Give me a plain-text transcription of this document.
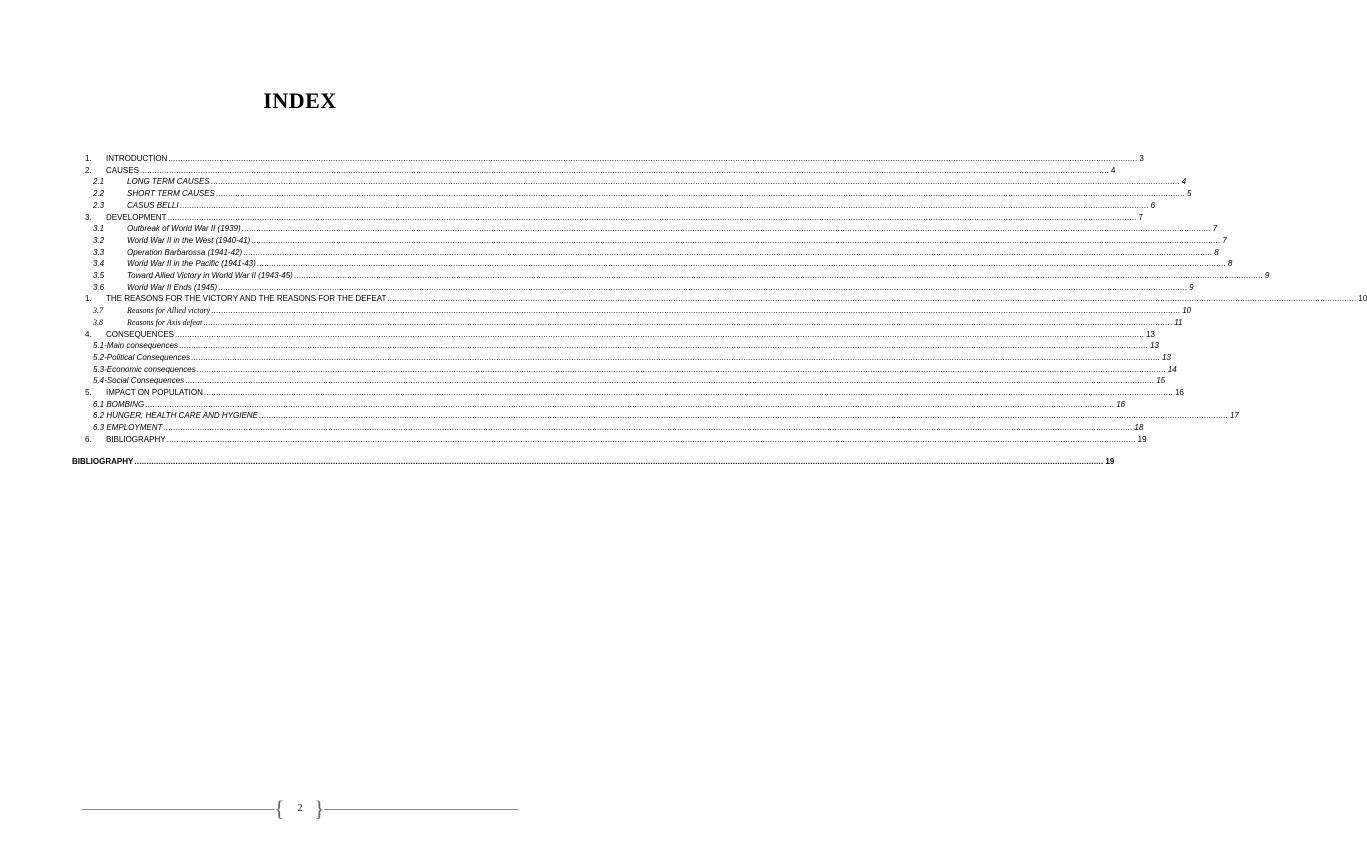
INDEX
1. INTRODUCTION ................................................................................................................................................................................................................................................................................................................................................................................................................ 3
2. CAUSES ................................................................................................................................................................................................................................................................................................................................................................................................................ 4
2.1	LONG TERM CAUSES ................................................................................................................................................................................................................................................................................................................................................................................................................ 4
2.2	SHORT TERM CAUSES ................................................................................................................................................................................................................................................................................................................................................................................................................ 5
2.3	CASUS BELLI ................................................................................................................................................................................................................................................................................................................................................................................................................ 6
3. DEVELOPMENT ................................................................................................................................................................................................................................................................................................................................................................................................................ 7
3.1	Outbreak of World War II (1939) ................................................................................................................................................................................................................................................................................................................................................................................................................ 7
3.2	World War II in the West (1940-41) ................................................................................................................................................................................................................................................................................................................................................................................................................ 7
3.3	Operation Barbarossa (1941-42) ................................................................................................................................................................................................................................................................................................................................................................................................................ 8
3.4	World War II in the Pacific (1941-43) ................................................................................................................................................................................................................................................................................................................................................................................................................ 8
3.5	Toward Allied Victory in World War II (1943-45) ................................................................................................................................................................................................................................................................................................................................................................................................................ 9
3.6	World War II Ends (1945) ................................................................................................................................................................................................................................................................................................................................................................................................................ 9
1. THE REASONS FOR THE VICTORY AND THE REASONS FOR THE DEFEAT ................................................................................................................................................................................................................................................................................................................................................................................................................ 10
3.7	Reasons for Allied victory ................................................................................................................................................................................................................................................................................................................................................................................................................ 10
3.8	Reasons for Axis defeat ................................................................................................................................................................................................................................................................................................................................................................................................................ 11
4. CONSEQUENCES ................................................................................................................................................................................................................................................................................................................................................................................................................ 13
5.1-Main consequences ................................................................................................................................................................................................................................................................................................................................................................................................................ 13
5.2-Political Consequences ................................................................................................................................................................................................................................................................................................................................................................................................................ 13
5.3-Economic consequences ................................................................................................................................................................................................................................................................................................................................................................................................................ 14
5.4-Social Consequences ................................................................................................................................................................................................................................................................................................................................................................................................................ 15
5. IMPACT ON POPULATION ................................................................................................................................................................................................................................................................................................................................................................................................................ 16
6.1 BOMBING ................................................................................................................................................................................................................................................................................................................................................................................................................ 16
6.2 HUNGER, HEALTH CARE AND HYGIENE ................................................................................................................................................................................................................................................................................................................................................................................................................ 17
6.3 EMPLOYMENT ................................................................................................................................................................................................................................................................................................................................................................................................................ 18
6. BIBLIOGRAPHY ................................................................................................................................................................................................................................................................................................................................................................................................................ 19
BIBLIOGRAPHY ................................................................................................................................................................................................................................................................................................................................................................................................................ 19
{ }
2
